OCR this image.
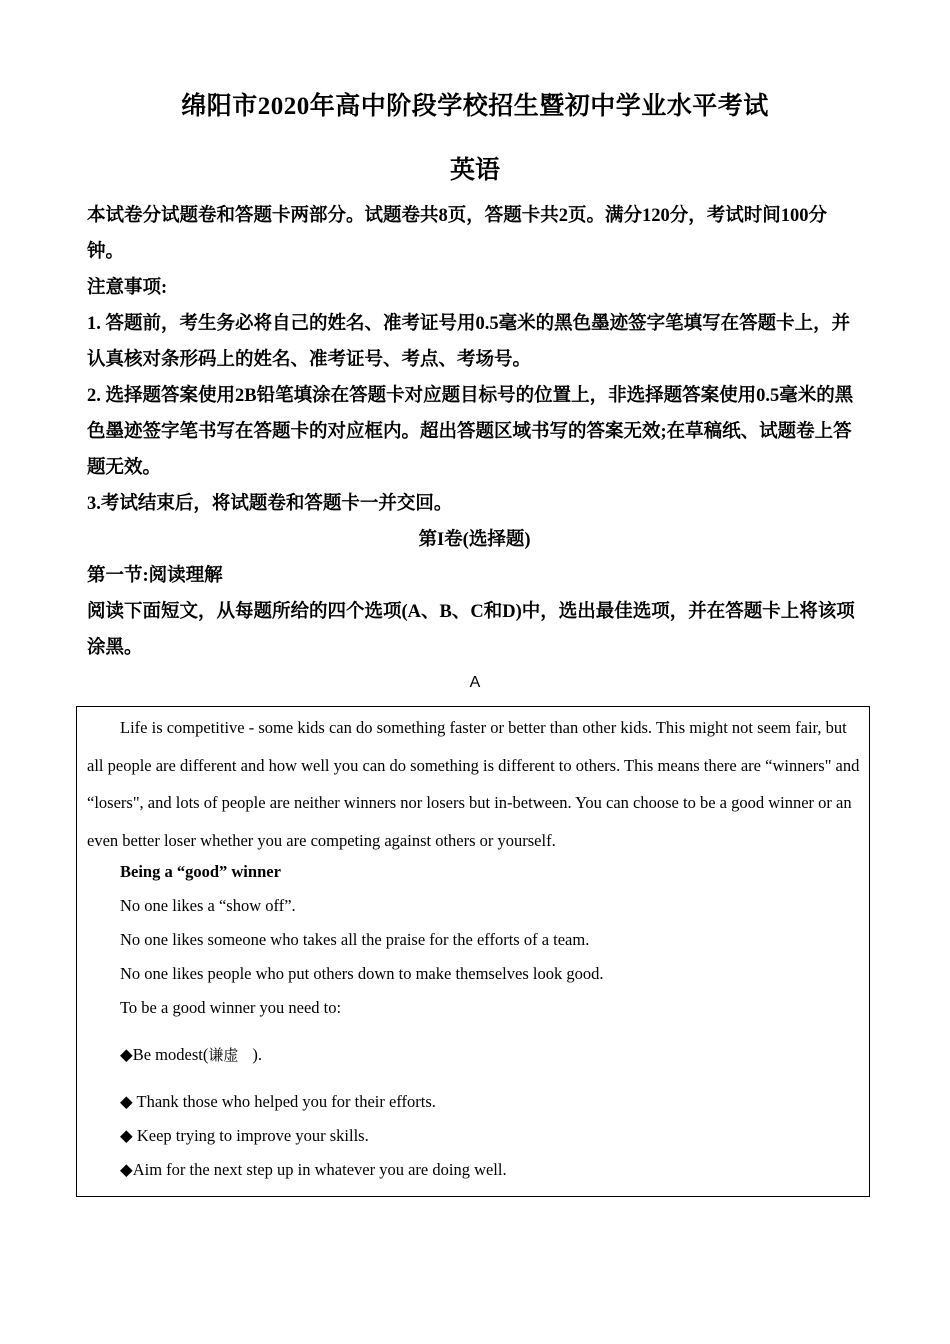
绵阳市2020年高中阶段学校招生暨初中学业水平考试
英语

本试卷分试题卷和答题卡两部分。试题卷共8页，答题卡共2页。满分120分，考试时间100分钟。

注意事项:

1. 答题前，考生务必将自己的姓名、准考证号用0.5毫米的黑色墨迹签字笔填写在答题卡上，并认真核对条形码上的姓名、准考证号、考点、考场号。

2. 选择题答案使用2B铅笔填涂在答题卡对应题目标号的位置上，非选择题答案使用0.5毫米的黑色墨迹签字笔书写在答题卡的对应框内。超出答题区域书写的答案无效;在草稿纸、试题卷上答题无效。

3.考试结束后，将试题卷和答题卡一并交回。

第I卷(选择题)

第一节:阅读理解

阅读下面短文，从每题所给的四个选项(A、B、C和D)中，选出最佳选项，并在答题卡上将该项涂黑。

A

Life is competitive - some kids can do something faster or better than other kids. This might not seem fair, but all people are different and how well you can do something is different to others. This means there are “winners" and “losers", and lots of people are neither winners nor losers but in-between. You can choose to be a good winner or an even better loser whether you are competing against others or yourself.

Being a “good” winner
No one likes a “show off”.
No one likes someone who takes all the praise for the efforts of a team.
No one likes people who put others down to make themselves look good.
To be a good winner you need to:
◆Be modest(谦虚 ).
◆ Thank those who helped you for their efforts.
◆ Keep trying to improve your skills.
◆Aim for the next step up in whatever you are doing well.
